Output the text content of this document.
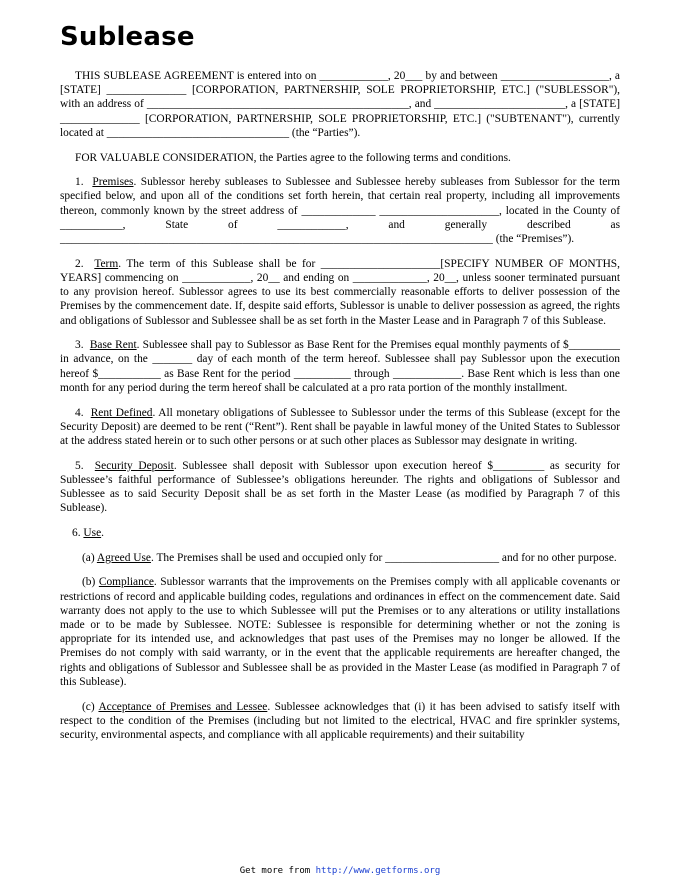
Sublease

THIS SUBLEASE AGREEMENT is entered into on ____________, 20___ by and between ___________________, a [STATE] ______________ [CORPORATION, PARTNERSHIP, SOLE PROPRIETORSHIP, ETC.] ("SUBLESSOR"), with an address of ______________________________________________, and _______________________, a [STATE] ______________ [CORPORATION, PARTNERSHIP, SOLE PROPRIETORSHIP, ETC.] ("SUBTENANT"), currently located at ________________________________ (the “Parties”).

FOR VALUABLE CONSIDERATION, the Parties agree to the following terms and conditions.

1. Premises. Sublessor hereby subleases to Sublessee and Sublessee hereby subleases from Sublessor for the term specified below, and upon all of the conditions set forth herein, that certain real property, including all improvements thereon, commonly known by the street address of _____________ _____________________, located in the County of ___________, State of ____________, and generally described as ____________________________________________________________________________ (the “Premises”).

2. Term. The term of this Sublease shall be for _____________________[SPECIFY NUMBER OF MONTHS, YEARS] commencing on ____________, 20__ and ending on _____________, 20__, unless sooner terminated pursuant to any provision hereof. Sublessor agrees to use its best commercially reasonable efforts to deliver possession of the Premises by the commencement date. If, despite said efforts, Sublessor is unable to deliver possession as agreed, the rights and obligations of Sublessor and Sublessee shall be as set forth in the Master Lease and in Paragraph 7 of this Sublease.

3. Base Rent. Sublessee shall pay to Sublessor as Base Rent for the Premises equal monthly payments of $_________ in advance, on the _______ day of each month of the term hereof. Sublessee shall pay Sublessor upon the execution hereof $___________ as Base Rent for the period __________ through ____________. Base Rent which is less than one month for any period during the term hereof shall be calculated at a pro rata portion of the monthly installment.

4. Rent Defined. All monetary obligations of Sublessee to Sublessor under the terms of this Sublease (except for the Security Deposit) are deemed to be rent (“Rent”). Rent shall be payable in lawful money of the United States to Sublessor at the address stated herein or to such other persons or at such other places as Sublessor may designate in writing.

5. Security Deposit. Sublessee shall deposit with Sublessor upon execution hereof $_________ as security for Sublessee’s faithful performance of Sublessee’s obligations hereunder. The rights and obligations of Sublessor and Sublessee as to said Security Deposit shall be as set forth in the Master Lease (as modified by Paragraph 7 of this Sublease).

6. Use.

(a) Agreed Use. The Premises shall be used and occupied only for ____________________ and for no other purpose.

(b) Compliance. Sublessor warrants that the improvements on the Premises comply with all applicable covenants or restrictions of record and applicable building codes, regulations and ordinances in effect on the commencement date. Said warranty does not apply to the use to which Sublessee will put the Premises or to any alterations or utility installations made or to be made by Sublessee. NOTE: Sublessee is responsible for determining whether or not the zoning is appropriate for its intended use, and acknowledges that past uses of the Premises may no longer be allowed. If the Premises do not comply with said warranty, or in the event that the applicable requirements are hereafter changed, the rights and obligations of Sublessor and Sublessee shall be as provided in the Master Lease (as modified in Paragraph 7 of this Sublease).

(c) Acceptance of Premises and Lessee. Sublessee acknowledges that (i) it has been advised to satisfy itself with respect to the condition of the Premises (including but not limited to the electrical, HVAC and fire sprinkler systems, security, environmental aspects, and compliance with all applicable requirements) and their suitability

Get more from http://www.getforms.org
